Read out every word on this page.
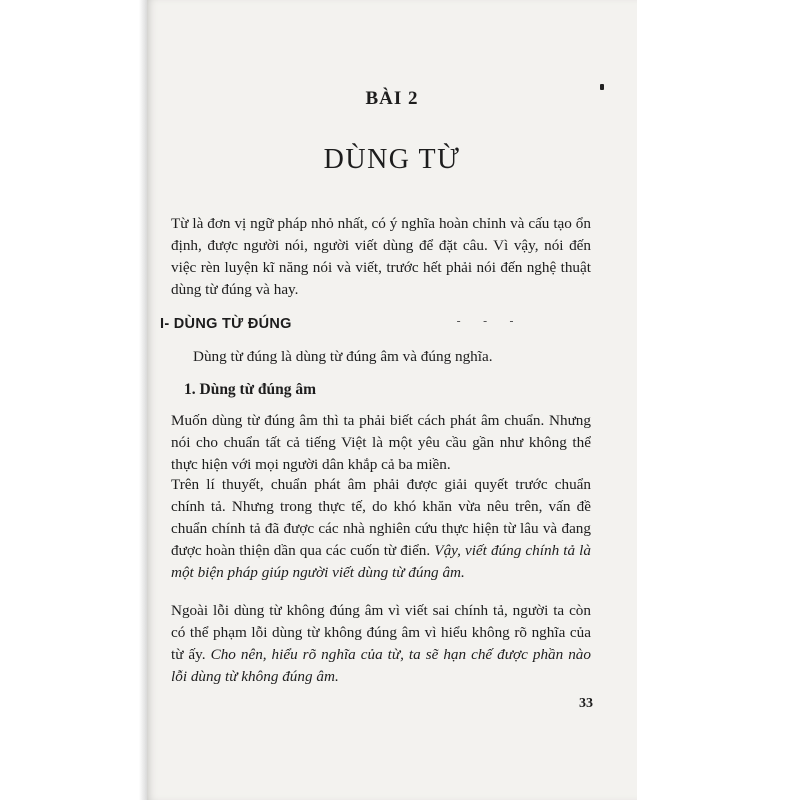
BÀI 2
DÙNG TỪ

Từ là đơn vị ngữ pháp nhỏ nhất, có ý nghĩa hoàn chỉnh và cấu tạo ổn định, được người nói, người viết dùng để đặt câu. Vì vậy, nói đến việc rèn luyện kĩ năng nói và viết, trước hết phải nói đến nghệ thuật dùng từ đúng và hay.

I- DÙNG TỪ ĐÚNG	- - -

Dùng từ đúng là dùng từ đúng âm và đúng nghĩa.

1. Dùng từ đúng âm

Muốn dùng từ đúng âm thì ta phải biết cách phát âm chuẩn. Nhưng nói cho chuẩn tất cả tiếng Việt là một yêu cầu gần như không thể thực hiện với mọi người dân khắp cả ba miền.

Trên lí thuyết, chuẩn phát âm phải được giải quyết trước chuẩn chính tả. Nhưng trong thực tế, do khó khăn vừa nêu trên, vấn đề chuẩn chính tả đã được các nhà nghiên cứu thực hiện từ lâu và đang được hoàn thiện dần qua các cuốn từ điển. Vậy, viết đúng chính tả là một biện pháp giúp người viết dùng từ đúng âm.

Ngoài lỗi dùng từ không đúng âm vì viết sai chính tả, người ta còn có thể phạm lỗi dùng từ không đúng âm vì hiểu không rõ nghĩa của từ ấy. Cho nên, hiểu rõ nghĩa của từ, ta sẽ hạn chế được phần nào lỗi dùng từ không đúng âm.

33
